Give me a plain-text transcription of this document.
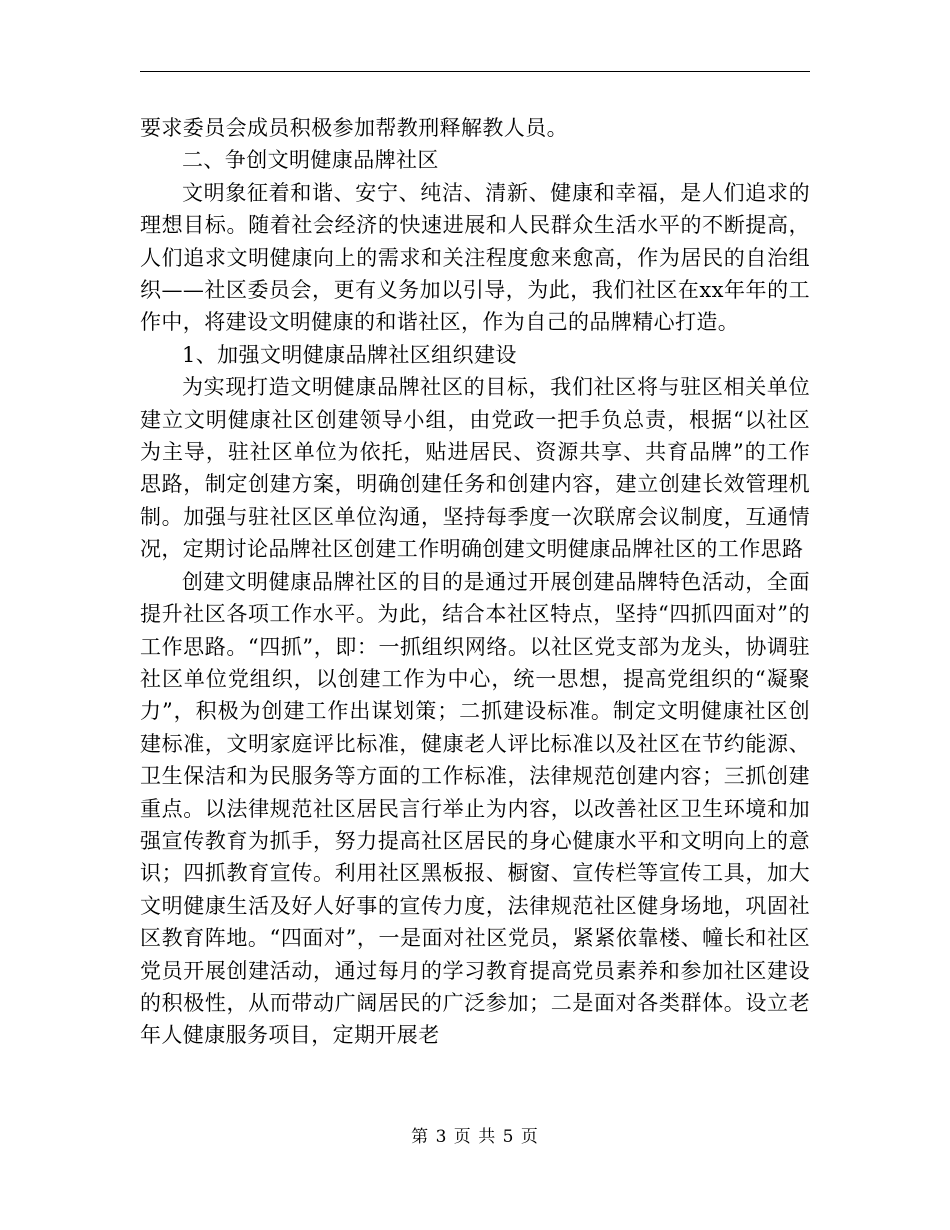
要求委员会成员积极参加帮教刑释解教人员。

二、争创文明健康品牌社区

文明象征着和谐、安宁、纯洁、清新、健康和幸福，是人们追求的理想目标。随着社会经济的快速进展和人民群众生活水平的不断提高，人们追求文明健康向上的需求和关注程度愈来愈高，作为居民的自治组织——社区委员会，更有义务加以引导，为此，我们社区在xx年年的工作中，将建设文明健康的和谐社区，作为自己的品牌精心打造。

1、加强文明健康品牌社区组织建设

为实现打造文明健康品牌社区的目标，我们社区将与驻区相关单位建立文明健康社区创建领导小组，由党政一把手负总责，根据“以社区为主导，驻社区单位为依托，贴进居民、资源共享、共育品牌”的工作思路，制定创建方案，明确创建任务和创建内容，建立创建长效管理机制。加强与驻社区区单位沟通，坚持每季度一次联席会议制度，互通情况，定期讨论品牌社区创建工作明确创建文明健康品牌社区的工作思路

创建文明健康品牌社区的目的是通过开展创建品牌特色活动，全面提升社区各项工作水平。为此，结合本社区特点，坚持“四抓四面对”的工作思路。“四抓”，即：一抓组织网络。以社区党支部为龙头，协调驻社区单位党组织，以创建工作为中心，统一思想，提高党组织的“凝聚力”，积极为创建工作出谋划策；二抓建设标准。制定文明健康社区创建标准，文明家庭评比标准，健康老人评比标准以及社区在节约能源、卫生保洁和为民服务等方面的工作标准，法律规范创建内容；三抓创建重点。以法律规范社区居民言行举止为内容，以改善社区卫生环境和加强宣传教育为抓手，努力提高社区居民的身心健康水平和文明向上的意识；四抓教育宣传。利用社区黑板报、橱窗、宣传栏等宣传工具，加大文明健康生活及好人好事的宣传力度，法律规范社区健身场地，巩固社区教育阵地。“四面对”，一是面对社区党员，紧紧依靠楼、幢长和社区党员开展创建活动，通过每月的学习教育提高党员素养和参加社区建设的积极性，从而带动广阔居民的广泛参加；二是面对各类群体。设立老年人健康服务项目，定期开展老

第 3 页 共 5 页
